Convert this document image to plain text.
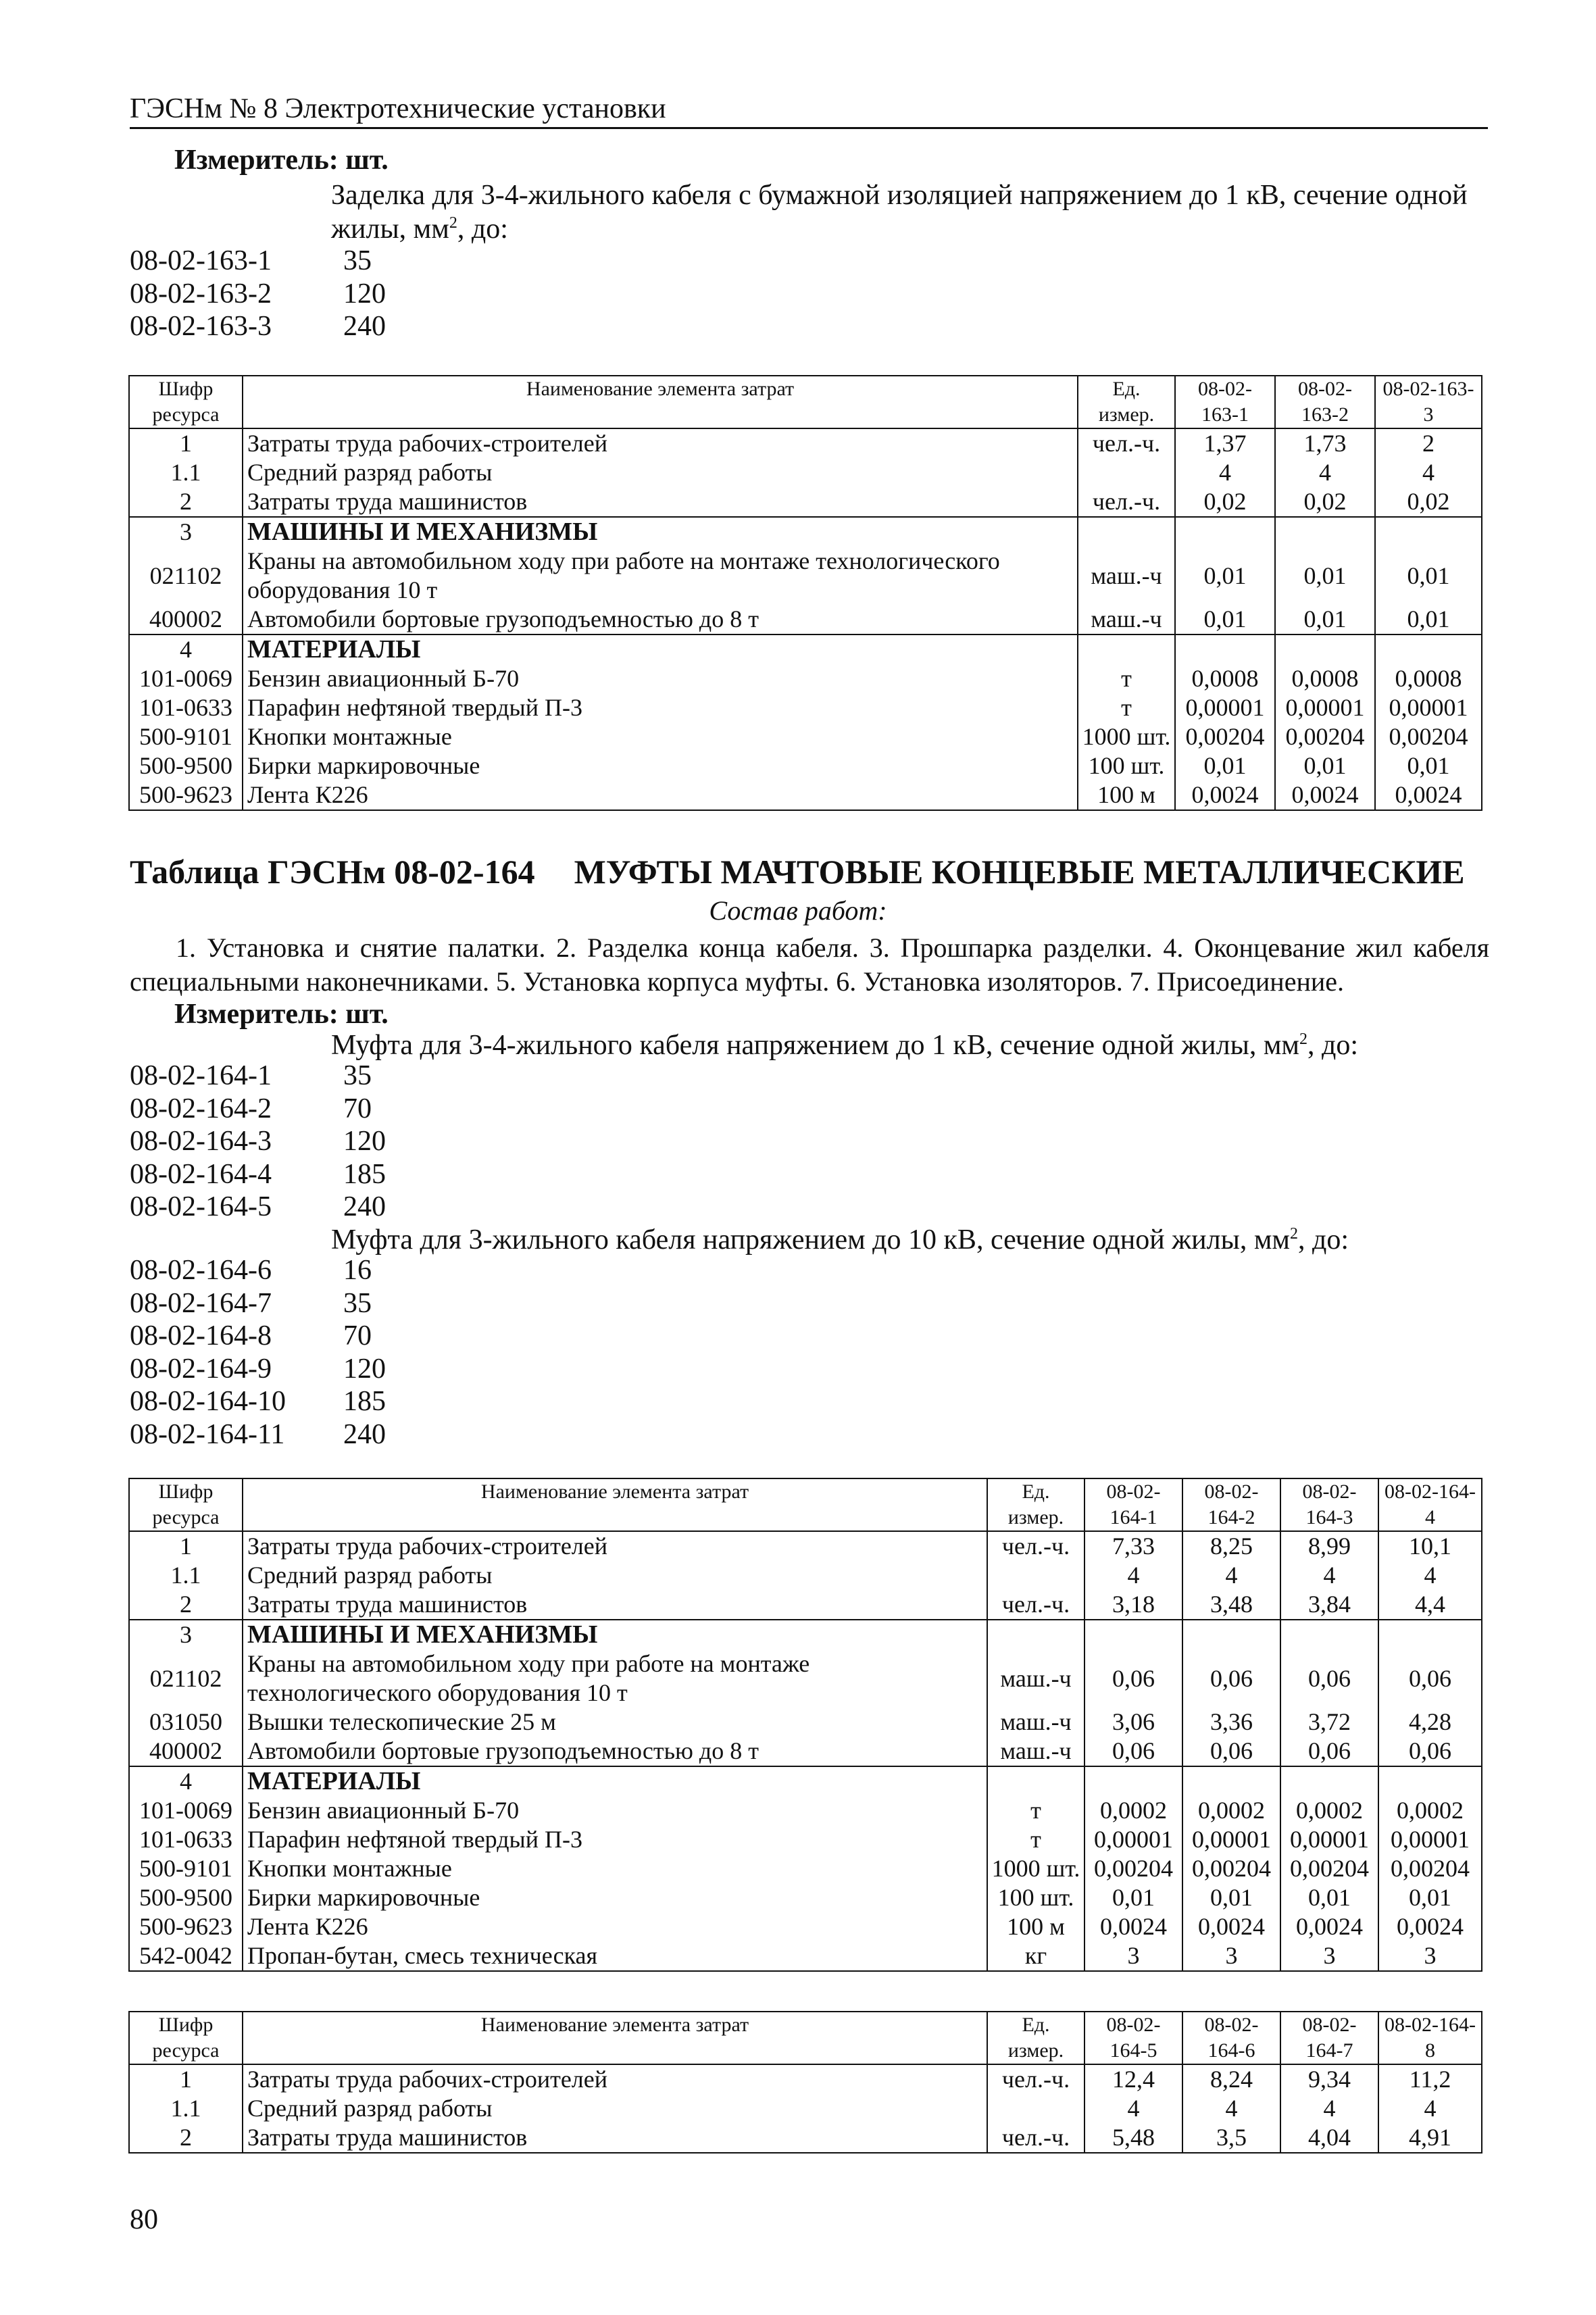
ГЭСНм № 8 Электротехнические установки
Измеритель: шт.
Заделка для 3-4-жильного кабеля с бумажной изоляцией напряжением до 1 кВ, сечение одной жилы, $мм^2$, до:
08-02-163-1	35
08-02-163-2	120
08-02-163-3	240
Шифр ресурса	Наименование элемента затрат	Ед. измер.	08-02-163-1	08-02-163-2	08-02-163-3
1	Затраты труда рабочих-строителей	чел.-ч.	1,37	1,73	2
1.1	Средний разряд работы		4	4	4
2	Затраты труда машинистов	чел.-ч.	0,02	0,02	0,02
3	МАШИНЫ И МЕХАНИЗМЫ				
021102	Краны на автомобильном ходу при работе на монтаже технологического оборудования 10 т	маш.-ч	0,01	0,01	0,01
400002	Автомобили бортовые грузоподъемностью до 8 т	маш.-ч	0,01	0,01	0,01
4	МАТЕРИАЛЫ				
101-0069	Бензин авиационный Б-70	т	0,0008	0,0008	0,0008
101-0633	Парафин нефтяной твердый П-3	т	0,00001	0,00001	0,00001
500-9101	Кнопки монтажные	1000 шт.	0,00204	0,00204	0,00204
500-9500	Бирки маркировочные	100 шт.	0,01	0,01	0,01
500-9623	Лента К226	100 м	0,0024	0,0024	0,0024
Таблица ГЭСНм 08-02-164 МУФТЫ МАЧТОВЫЕ КОНЦЕВЫЕ МЕТАЛЛИЧЕСКИЕ
Состав работ:
1. Установка и снятие палатки. 2. Разделка конца кабеля. 3. Прошпарка разделки. 4. Оконцевание жил кабеля специальными наконечниками. 5. Установка корпуса муфты. 6. Установка изоляторов. 7. Присоединение.
Измеритель: шт.
Муфта для 3-4-жильного кабеля напряжением до 1 кВ, сечение одной жилы, $мм^2$, до:
08-02-164-1	35
08-02-164-2	70
08-02-164-3	120
08-02-164-4	185
08-02-164-5	240
Муфта для 3-жильного кабеля напряжением до 10 кВ, сечение одной жилы, $мм^2$, до:
08-02-164-6	16
08-02-164-7	35
08-02-164-8	70
08-02-164-9	120
08-02-164-10	185
08-02-164-11	240
Шифр ресурса	Наименование элемента затрат	Ед. измер.	08-02-164-1	08-02-164-2	08-02-164-3	08-02-164-4
1	Затраты труда рабочих-строителей	чел.-ч.	7,33	8,25	8,99	10,1
1.1	Средний разряд работы		4	4	4	4
2	Затраты труда машинистов	чел.-ч.	3,18	3,48	3,84	4,4
3	МАШИНЫ И МЕХАНИЗМЫ					
021102	Краны на автомобильном ходу при работе на монтаже технологического оборудования 10 т	маш.-ч	0,06	0,06	0,06	0,06
031050	Вышки телескопические 25 м	маш.-ч	3,06	3,36	3,72	4,28
400002	Автомобили бортовые грузоподъемностью до 8 т	маш.-ч	0,06	0,06	0,06	0,06
4	МАТЕРИАЛЫ					
101-0069	Бензин авиационный Б-70	т	0,0002	0,0002	0,0002	0,0002
101-0633	Парафин нефтяной твердый П-3	т	0,00001	0,00001	0,00001	0,00001
500-9101	Кнопки монтажные	1000 шт.	0,00204	0,00204	0,00204	0,00204
500-9500	Бирки маркировочные	100 шт.	0,01	0,01	0,01	0,01
500-9623	Лента К226	100 м	0,0024	0,0024	0,0024	0,0024
542-0042	Пропан-бутан, смесь техническая	кг	3	3	3	3
Шифр ресурса	Наименование элемента затрат	Ед. измер.	08-02-164-5	08-02-164-6	08-02-164-7	08-02-164-8
1	Затраты труда рабочих-строителей	чел.-ч.	12,4	8,24	9,34	11,2
1.1	Средний разряд работы		4	4	4	4
2	Затраты труда машинистов	чел.-ч.	5,48	3,5	4,04	4,91
80
